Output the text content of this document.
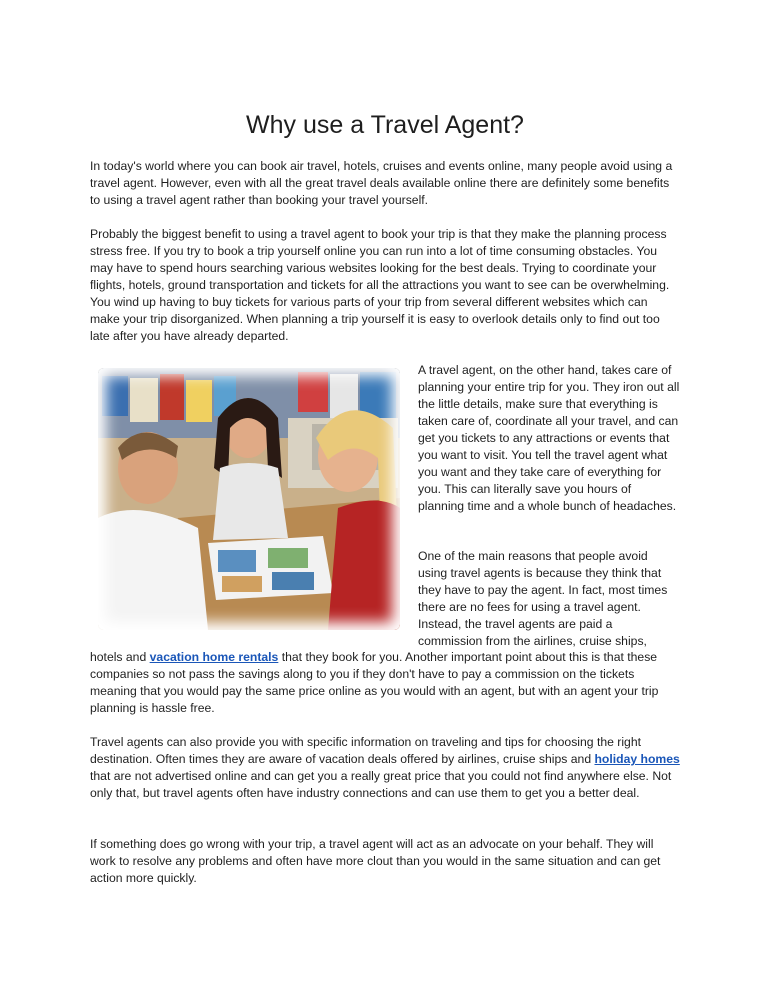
Why use a Travel Agent?

In today's world where you can book air travel, hotels, cruises and events online, many people avoid using a travel agent. However, even with all the great travel deals available online there are definitely some benefits to using a travel agent rather than booking your travel yourself.

Probably the biggest benefit to using a travel agent to book your trip is that they make the planning process stress free. If you try to book a trip yourself online you can run into a lot of time consuming obstacles. You may have to spend hours searching various websites looking for the best deals. Trying to coordinate your flights, hotels, ground transportation and tickets for all the attractions you want to see can be overwhelming. You wind up having to buy tickets for various parts of your trip from several different websites which can make your trip disorganized. When planning a trip yourself it is easy to overlook details only to find out too late after you have already departed.

A travel agent, on the other hand, takes care of planning your entire trip for you. They iron out all the little details, make sure that everything is taken care of, coordinate all your travel, and can get you tickets to any attractions or events that you want to visit. You tell the travel agent what you want and they take care of everything for you. This can literally save you hours of planning time and a whole bunch of headaches.

One of the main reasons that people avoid using travel agents is because they think that they have to pay the agent. In fact, most times there are no fees for using a travel agent. Instead, the travel agents are paid a commission from the airlines, cruise ships,

hotels and vacation home rentals that they book for you. Another important point about this is that these companies so not pass the savings along to you if they don't have to pay a commission on the tickets meaning that you would pay the same price online as you would with an agent, but with an agent your trip planning is hassle free.

Travel agents can also provide you with specific information on traveling and tips for choosing the right destination. Often times they are aware of vacation deals offered by airlines, cruise ships and holiday homes that are not advertised online and can get you a really great price that you could not find anywhere else. Not only that, but travel agents often have industry connections and can use them to get you a better deal.

If something does go wrong with your trip, a travel agent will act as an advocate on your behalf. They will work to resolve any problems and often have more clout than you would in the same situation and can get action more quickly.
